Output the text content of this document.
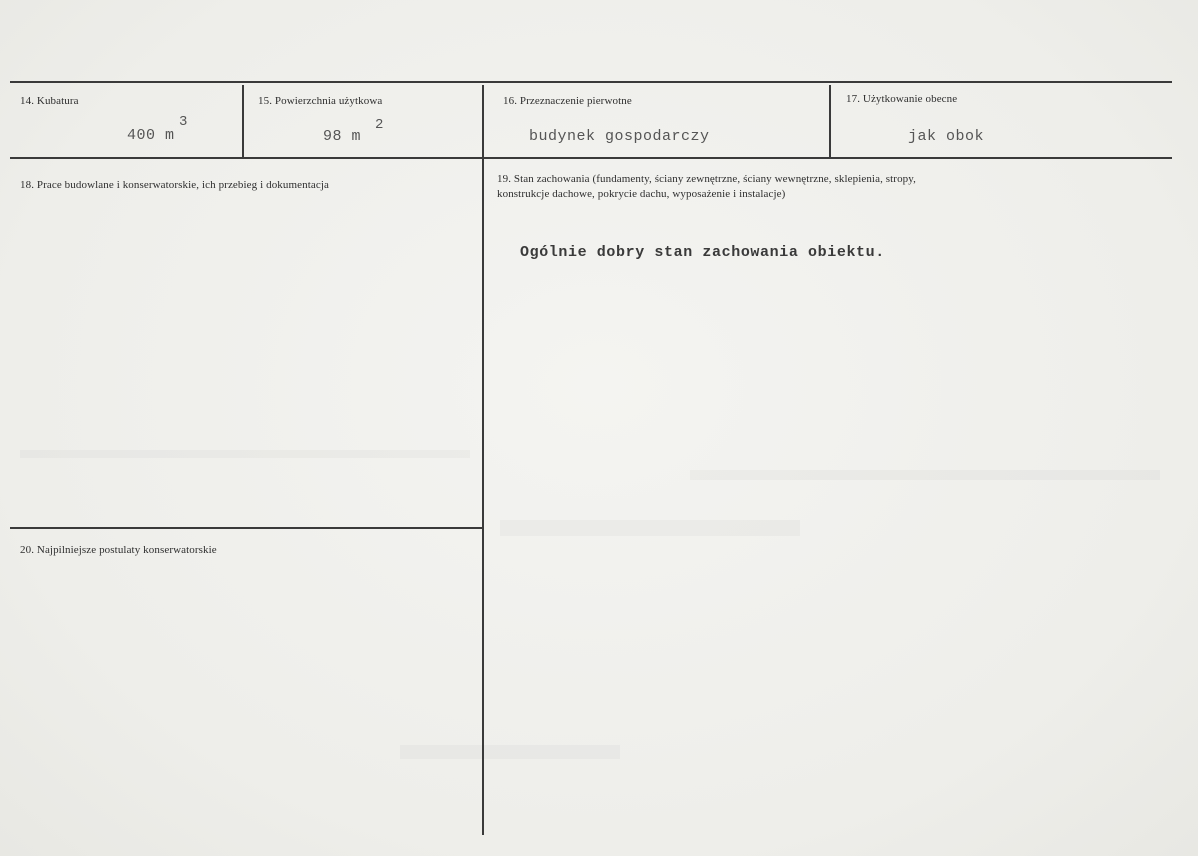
14. Kubatura
400 m
3
15. Powierzchnia użytkowa
98 m
2
16. Przeznaczenie pierwotne
budynek gospodarczy
17. Użytkowanie obecne
jak obok
18. Prace budowlane i konserwatorskie, ich przebieg i dokumentacja	19. Stan zachowania (fundamenty, ściany zewnętrzne, ściany wewnętrzne, sklepienia, stropy,
konstrukcje dachowe, pokrycie dachu, wyposażenie i instalacje)
Ogólnie dobry stan zachowania obiektu.
20. Najpilniejsze postulaty konserwatorskie
